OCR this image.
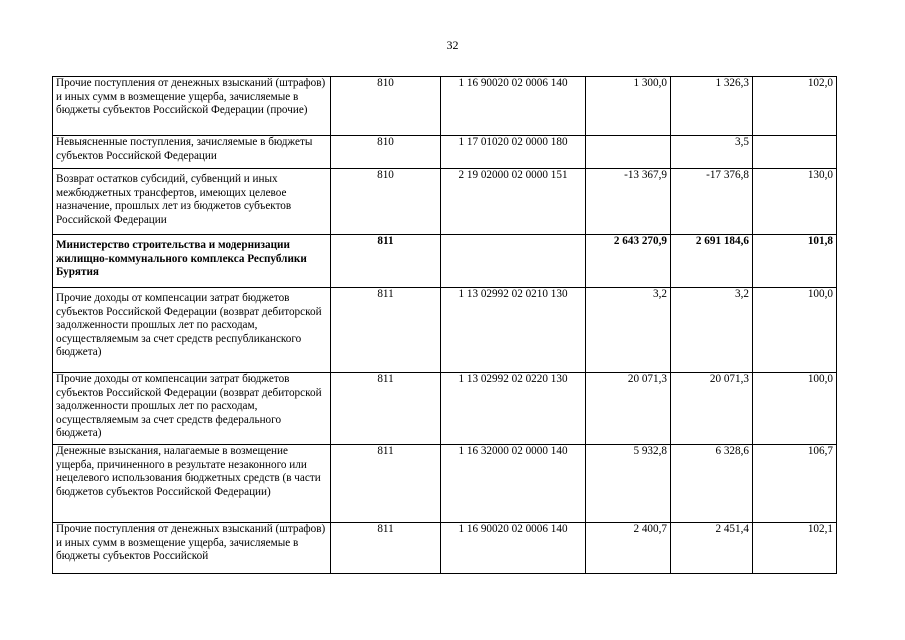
32
Прочие поступления от денежных взысканий (штрафов) и иных сумм в возмещение ущерба, зачисляемые в бюджеты субъектов Российской Федерации (прочие)	810	1 16 90020 02 0006 140	1 300,0	1 326,3	102,0
Невыясненные поступления, зачисляемые в бюджеты субъектов Российской Федерации	810	1 17 01020 02 0000 180		3,5	
Возврат остатков субсидий, субвенций и иных межбюджетных трансфертов, имеющих целевое назначение, прошлых лет из бюджетов субъектов Российской Федерации	810	2 19 02000 02 0000 151	-13 367,9	-17 376,8	130,0
Министерство строительства и модернизации жилищно-коммунального комплекса Республики Бурятия	811		2 643 270,9	2 691 184,6	101,8
Прочие доходы от компенсации затрат бюджетов субъектов Российской Федерации (возврат дебиторской задолженности прошлых лет по расходам, осуществляемым за счет средств республиканского бюджета)	811	1 13 02992 02 0210 130	3,2	3,2	100,0
Прочие доходы от компенсации затрат бюджетов субъектов Российской Федерации (возврат дебиторской задолженности прошлых лет по расходам, осуществляемым за счет средств федерального бюджета)	811	1 13 02992 02 0220 130	20 071,3	20 071,3	100,0
Денежные взыскания, налагаемые в возмещение ущерба, причиненного в результате незаконного или нецелевого использования бюджетных средств (в части бюджетов субъектов Российской Федерации)	811	1 16 32000 02 0000 140	5 932,8	6 328,6	106,7
Прочие поступления от денежных взысканий (штрафов) и иных сумм в возмещение ущерба, зачисляемые в бюджеты субъектов Российской	811	1 16 90020 02 0006 140	2 400,7	2 451,4	102,1
